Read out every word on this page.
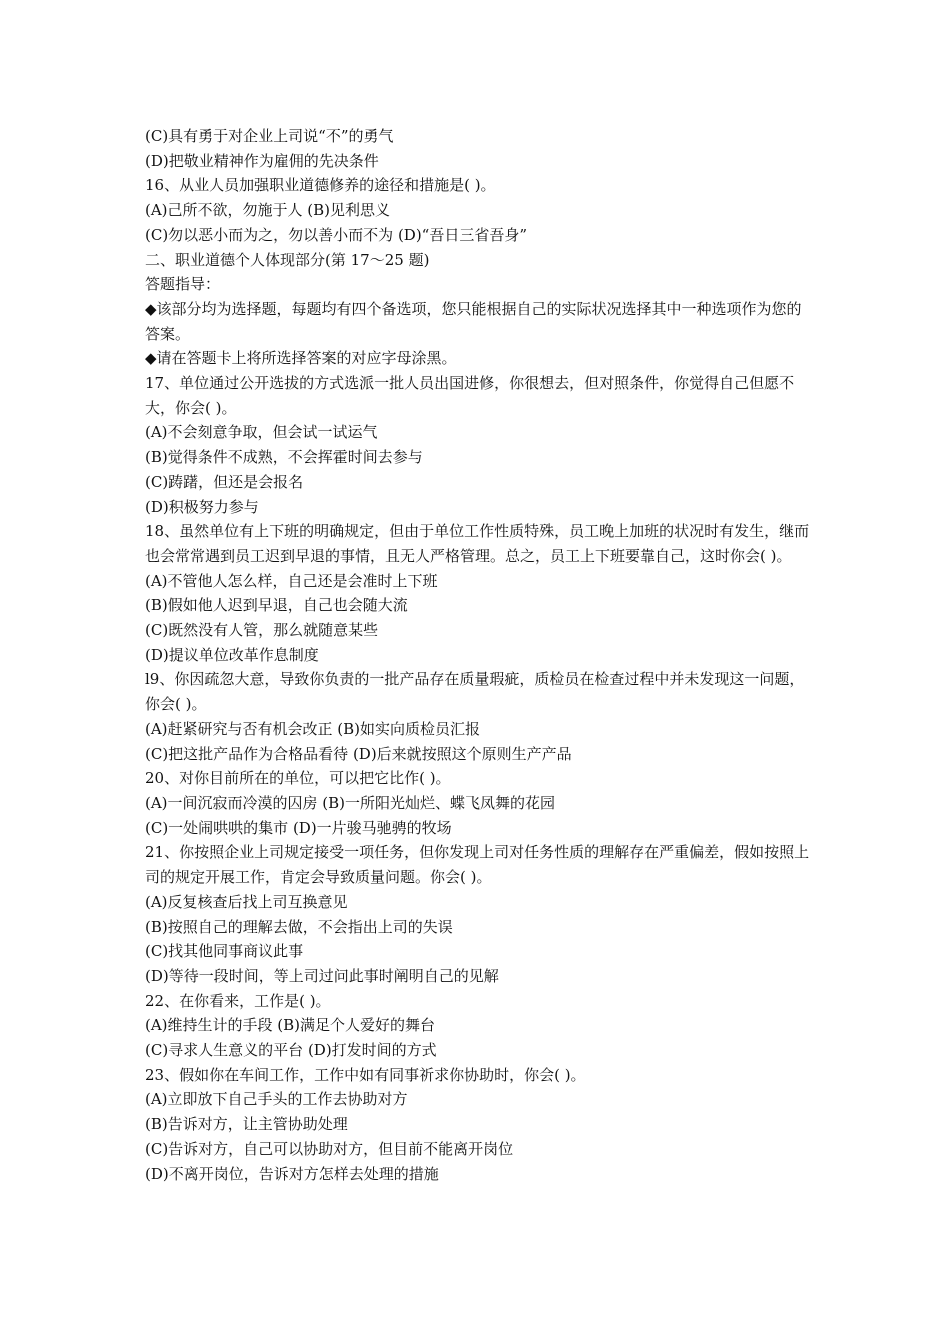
(C)具有勇于对企业上司说“不”的勇气

(D)把敬业精神作为雇佣的先决条件

16、从业人员加强职业道德修养的途径和措施是( )。

(A)己所不欲，勿施于人 (B)见利思义

(C)勿以恶小而为之，勿以善小而不为 (D)“吾日三省吾身”

二、职业道德个人体现部分(第 17～25 题)

答题指导：

◆该部分均为选择题，每题均有四个备选项，您只能根据自己的实际状况选择其中一种选项作为您的答案。

◆请在答题卡上将所选择答案的对应字母涂黑。

17、单位通过公开选拔的方式选派一批人员出国进修，你很想去，但对照条件，你觉得自己但愿不大，你会( )。

(A)不会刻意争取，但会试一试运气

(B)觉得条件不成熟，不会挥霍时间去参与

(C)踌躇，但还是会报名

(D)积极努力参与

18、虽然单位有上下班的明确规定，但由于单位工作性质特殊，员工晚上加班的状况时有发生，继而也会常常遇到员工迟到早退的事情，且无人严格管理。总之，员工上下班要靠自己，这时你会( )。

(A)不管他人怎么样，自己还是会准时上下班

(B)假如他人迟到早退，自己也会随大流

(C)既然没有人管，那么就随意某些

(D)提议单位改革作息制度

l9、你因疏忽大意，导致你负责的一批产品存在质量瑕疵，质检员在检查过程中并未发现这一问题，你会( )。

(A)赶紧研究与否有机会改正 (B)如实向质检员汇报

(C)把这批产品作为合格品看待 (D)后来就按照这个原则生产产品

20、对你目前所在的单位，可以把它比作( )。

(A)一间沉寂而冷漠的囚房 (B)一所阳光灿烂、蝶飞凤舞的花园

(C)一处闹哄哄的集市 (D)一片骏马驰骋的牧场

21、你按照企业上司规定接受一项任务，但你发现上司对任务性质的理解存在严重偏差，假如按照上司的规定开展工作，肯定会导致质量问题。你会( )。

(A)反复核查后找上司互换意见

(B)按照自己的理解去做，不会指出上司的失误

(C)找其他同事商议此事

(D)等待一段时间，等上司过问此事时阐明自己的见解

22、在你看来，工作是( )。

(A)维持生计的手段 (B)满足个人爱好的舞台

(C)寻求人生意义的平台 (D)打发时间的方式

23、假如你在车间工作，工作中如有同事祈求你协助时，你会( )。

(A)立即放下自己手头的工作去协助对方

(B)告诉对方，让主管协助处理

(C)告诉对方，自己可以协助对方，但目前不能离开岗位

(D)不离开岗位，告诉对方怎样去处理的措施
